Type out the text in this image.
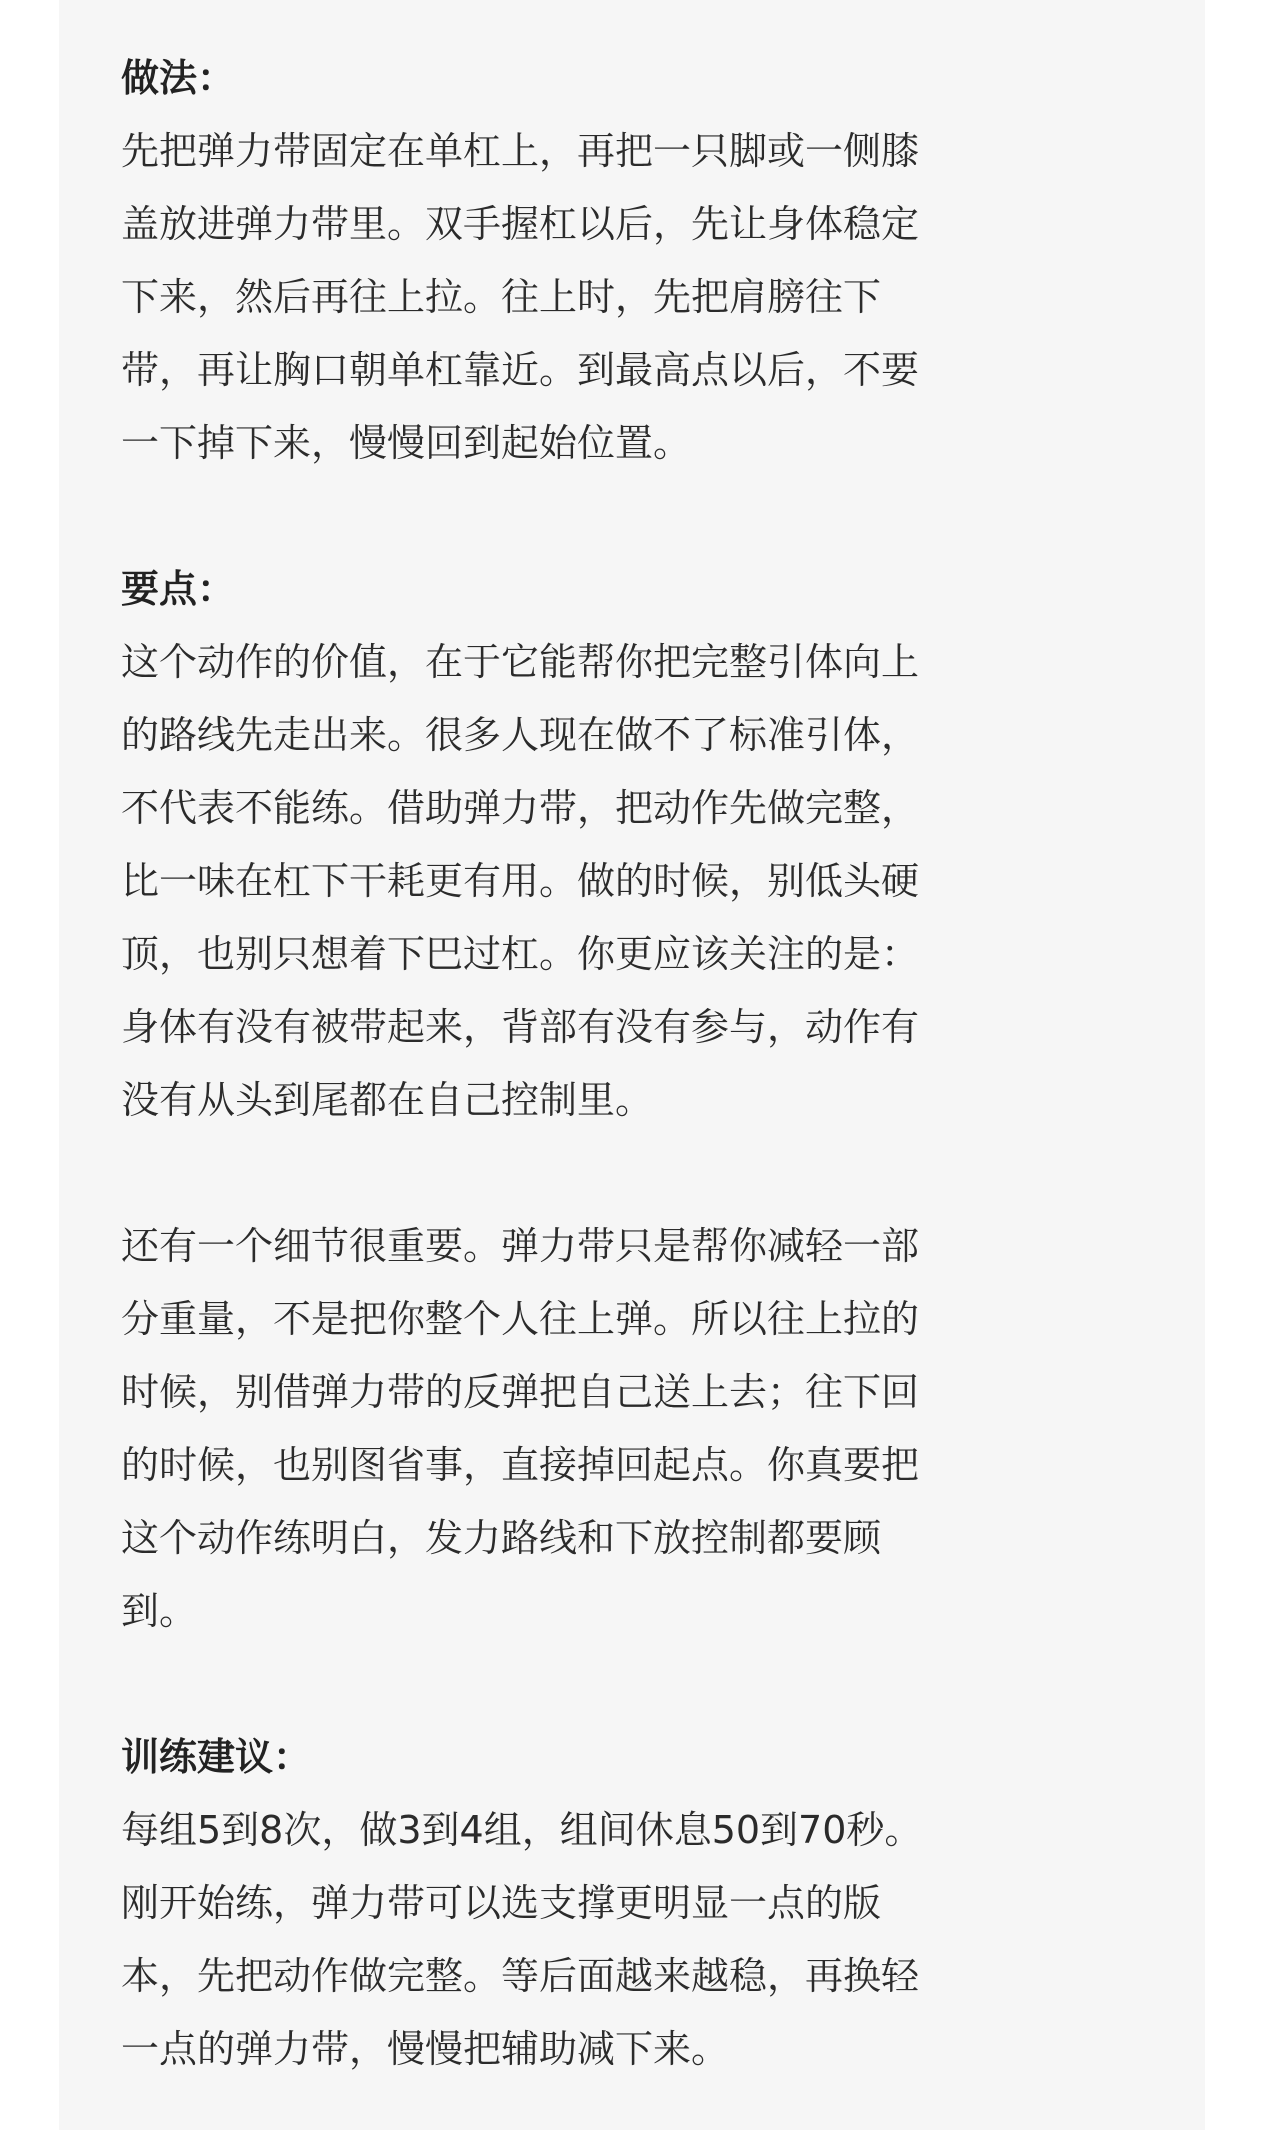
做法：
先把弹力带固定在单杠上，再把一只脚或一侧膝
盖放进弹力带里。双手握杠以后，先让身体稳定
下来，然后再往上拉。往上时，先把肩膀往下
带，再让胸口朝单杠靠近。到最高点以后，不要
一下掉下来，慢慢回到起始位置。
要点：
这个动作的价值，在于它能帮你把完整引体向上
的路线先走出来。很多人现在做不了标准引体，
不代表不能练。借助弹力带，把动作先做完整，
比一味在杠下干耗更有用。做的时候，别低头硬
顶，也别只想着下巴过杠。你更应该关注的是：
身体有没有被带起来，背部有没有参与，动作有
没有从头到尾都在自己控制里。
还有一个细节很重要。弹力带只是帮你减轻一部
分重量，不是把你整个人往上弹。所以往上拉的
时候，别借弹力带的反弹把自己送上去；往下回
的时候，也别图省事，直接掉回起点。你真要把
这个动作练明白，发力路线和下放控制都要顾
到。
训练建议：
每组5到8次，做3到4组，组间休息50到70秒。
刚开始练，弹力带可以选支撑更明显一点的版
本，先把动作做完整。等后面越来越稳，再换轻
一点的弹力带，慢慢把辅助减下来。
